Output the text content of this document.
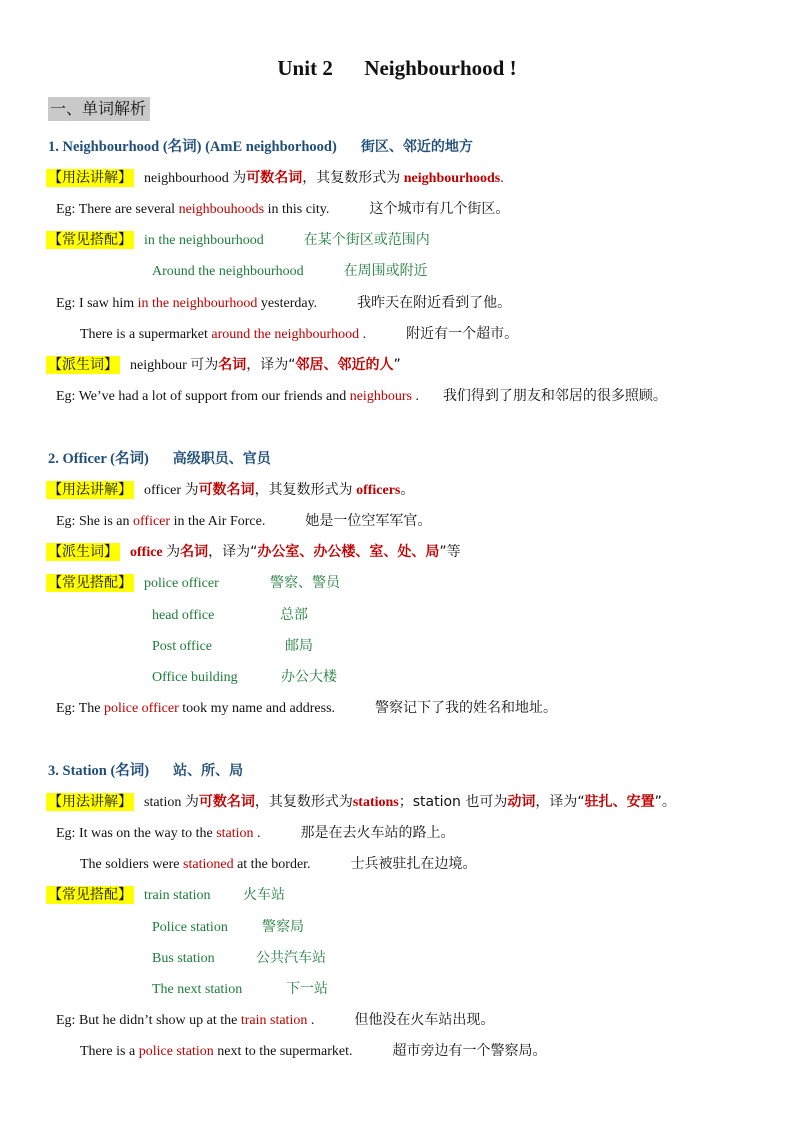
Unit 2      Neighbourhood !
一、单词解析
1. Neighbourhood (名词) (AmE neighborhood) 街区、邻近的地方
【用法讲解】 neighbourhood 为可数名词，其复数形式为 neighbourhoods.
Eg: There are several neighbouhoods in this city.	这个城市有几个街区。
【常见搭配】 in the neighbourhood	在某个街区或范围内
Around the neighbourhood	在周围或附近
Eg: I saw him in the neighbourhood yesterday.	我昨天在附近看到了他。
There is a supermarket around the neighbourhood .	附近有一个超市。
【派生词】 neighbour 可为名词，译为“邻居、邻近的人”
Eg: We’ve had a lot of support from our friends and neighbours . 我们得到了朋友和邻居的很多照顾。
2. Officer (名词) 高级职员、官员
【用法讲解】 officer 为可数名词，其复数形式为 officers。
Eg: She is an officer in the Air Force.	她是一位空军军官。
【派生词】 office 为名词，译为“办公室、办公楼、室、处、局”等
【常见搭配】 police officer	警察、警员
head office	总部
Post office	邮局
Office building	办公大楼
Eg: The police officer took my name and address.	警察记下了我的姓名和地址。
3. Station (名词) 站、所、局
【用法讲解】 station 为可数名词，其复数形式为stations；station 也可为动词，译为“驻扎、安置”。
Eg: It was on the way to the station .	那是在去火车站的路上。
The soldiers were stationed at the border.	士兵被驻扎在边境。
【常见搭配】 train station 火车站
Police station 警察局
Bus station	公共汽车站
The next station	下一站
Eg: But he didn’t show up at the train station .	但他没在火车站出现。
There is a police station next to the supermarket.	超市旁边有一个警察局。
